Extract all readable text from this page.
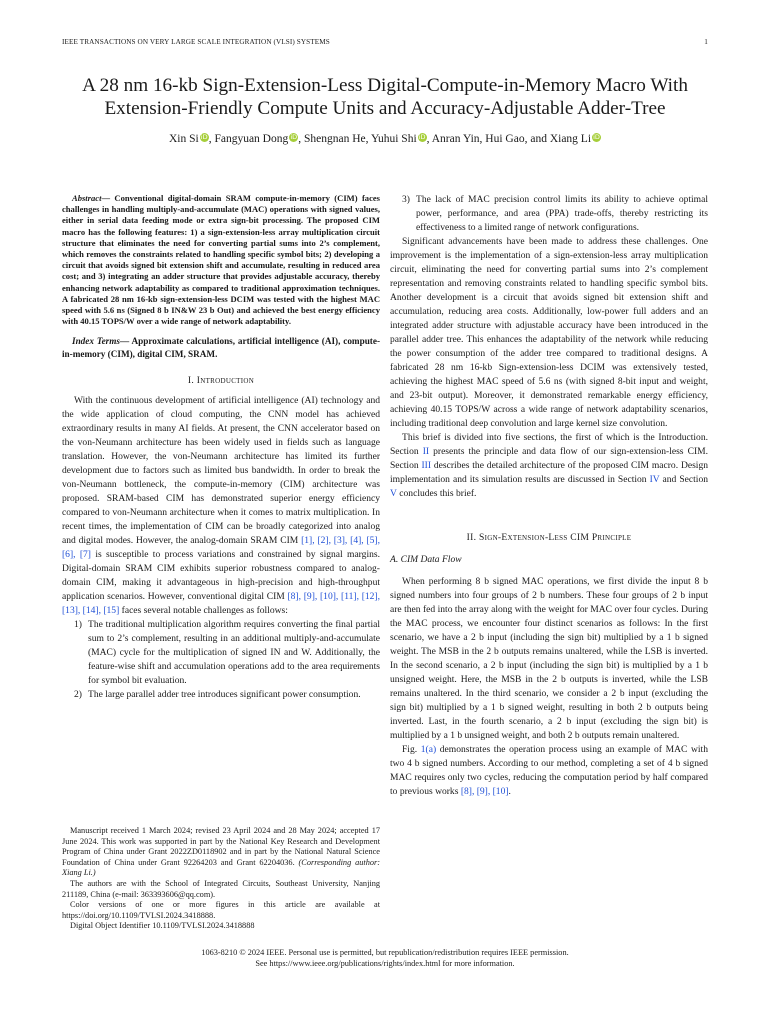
IEEE TRANSACTIONS ON VERY LARGE SCALE INTEGRATION (VLSI) SYSTEMS	1
A 28 nm 16-kb Sign-Extension-Less Digital-Compute-in-Memory Macro With
Extension-Friendly Compute Units and Accuracy-Adjustable Adder-Tree
Xin Si iD, Fangyuan Dong iD, Shengnan He, Yuhui Shi iD, Anran Yin, Hui Gao, and Xiang Li iD

Abstract— Conventional digital-domain SRAM compute-in-memory (CIM) faces challenges in handling multiply-and-accumulate (MAC) operations with signed values, either in serial data feeding mode or extra sign-bit processing. The proposed CIM macro has the following features: 1) a sign-extension-less array multiplication circuit structure that eliminates the need for converting partial sums into 2’s complement, which removes the constraints related to handling specific symbol bits; 2) developing a circuit that avoids signed bit extension shift and accumulate, resulting in reduced area cost; and 3) integrating an adder structure that provides adjustable accuracy, thereby enhancing network adaptability as compared to traditional approximation techniques. A fabricated 28 nm 16-kb sign-extension-less DCIM was tested with the highest MAC speed with 5.6 ns (Signed 8 b IN&W 23 b Out) and achieved the best energy efficiency with 40.15 TOPS/W over a wide range of network adaptability.

Index Terms— Approximate calculations, artificial intelligence (AI), compute-in-memory (CIM), digital CIM, SRAM.

I. Introduction

With the continuous development of artificial intelligence (AI) technology and the wide application of cloud computing, the CNN model has achieved extraordinary results in many AI fields. At present, the CNN accelerator based on the von-Neumann architecture has been widely used in fields such as language translation. However, the von-Neumann architecture has limited its further development due to factors such as limited bus bandwidth. In order to break the von-Neumann bottleneck, the compute-in-memory (CIM) architecture was proposed. SRAM-based CIM has demonstrated superior energy efficiency compared to von-Neumann architecture when it comes to matrix multiplication. In recent times, the implementation of CIM can be broadly categorized into analog and digital modes. However, the analog-domain SRAM CIM [1], [2], [3], [4], [5], [6], [7] is susceptible to process variations and constrained by signal margins. Digital-domain SRAM CIM exhibits superior robustness compared to analog-domain CIM, making it advantageous in high-precision and high-throughput application scenarios. However, conventional digital CIM [8], [9], [10], [11], [12], [13], [14], [15] faces several notable challenges as follows:

1) The traditional multiplication algorithm requires converting the final partial sum to 2’s complement, resulting in an additional multiply-and-accumulate (MAC) cycle for the multiplication of signed IN and W. Additionally, the feature-wise shift and accumulation operations add to the area requirements for symbol bit evaluation.
2) The large parallel adder tree introduces significant power consumption.

Manuscript received 1 March 2024; revised 23 April 2024 and 28 May 2024; accepted 17 June 2024. This work was supported in part by the National Key Research and Development Program of China under Grant 2022ZD0118902 and in part by the National Natural Science Foundation of China under Grant 92264203 and Grant 62204036. (Corresponding author: Xiang Li.)

The authors are with the School of Integrated Circuits, Southeast University, Nanjing 211189, China (e-mail: 363393606@qq.com).

Color versions of one or more figures in this article are available at https://doi.org/10.1109/TVLSI.2024.3418888.

Digital Object Identifier 10.1109/TVLSI.2024.3418888

3) The lack of MAC precision control limits its ability to achieve optimal power, performance, and area (PPA) trade-offs, thereby restricting its effectiveness to a limited range of network configurations.

Significant advancements have been made to address these challenges. One improvement is the implementation of a sign-extension-less array multiplication circuit, eliminating the need for converting partial sums into 2’s complement representation and removing constraints related to handling specific symbol bits. Another development is a circuit that avoids signed bit extension shift and accumulation, reducing area costs. Additionally, low-power full adders and an integrated adder structure with adjustable accuracy have been introduced in the parallel adder tree. This enhances the adaptability of the network while reducing the power consumption of the adder tree compared to traditional designs. A fabricated 28 nm 16-kb Sign-extension-less DCIM was extensively tested, achieving the highest MAC speed of 5.6 ns (with signed 8-bit input and weight, and 23-bit output). Moreover, it demonstrated remarkable energy efficiency, achieving 40.15 TOPS/W across a wide range of network adaptability scenarios, including traditional deep convolution and large kernel size convolution.

This brief is divided into five sections, the first of which is the Introduction. Section II presents the principle and data flow of our sign-extension-less CIM. Section III describes the detailed architecture of the proposed CIM macro. Design implementation and its simulation results are discussed in Section IV and Section V concludes this brief.

II. Sign-Extension-Less CIM Principle
A. CIM Data Flow

When performing 8 b signed MAC operations, we first divide the input 8 b signed numbers into four groups of 2 b numbers. These four groups of 2 b input are then fed into the array along with the weight for MAC over four cycles. During the MAC process, we encounter four distinct scenarios as follows: In the first scenario, we have a 2 b input (including the sign bit) multiplied by a 1 b signed weight. The MSB in the 2 b outputs remains unaltered, while the LSB is inverted. In the second scenario, a 2 b input (including the sign bit) is multiplied by a 1 b unsigned weight. Here, the MSB in the 2 b outputs is inverted, while the LSB remains unaltered. In the third scenario, we consider a 2 b input (excluding the sign bit) multiplied by a 1 b signed weight, resulting in both 2 b outputs being inverted. Last, in the fourth scenario, a 2 b input (excluding the sign bit) is multiplied by a 1 b unsigned weight, and both 2 b outputs remain unaltered.

Fig. 1(a) demonstrates the operation process using an example of MAC with two 4 b signed numbers. According to our method, completing a set of 4 b signed MAC requires only two cycles, reducing the computation period by half compared to previous works [8], [9], [10].

1063-8210 © 2024 IEEE. Personal use is permitted, but republication/redistribution requires IEEE permission.
See https://www.ieee.org/publications/rights/index.html for more information.
